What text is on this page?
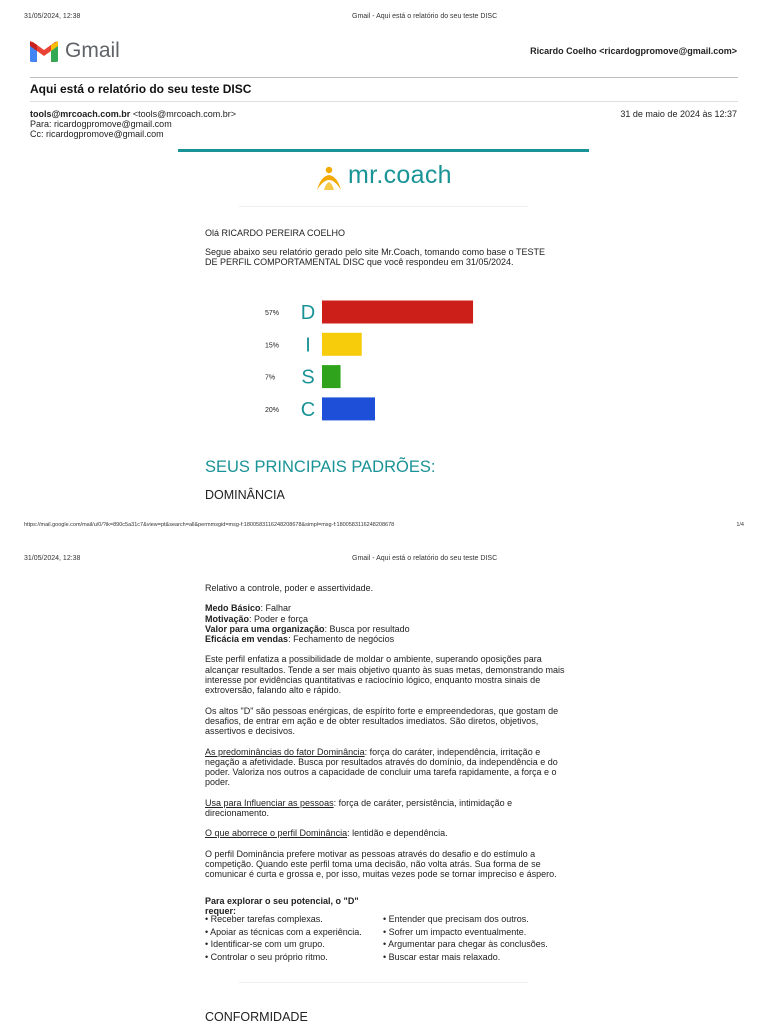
31/05/2024, 12:38	Gmail - Aqui está o relatório do seu teste DISC
Gmail	Ricardo Coelho <ricardogpromove@gmail.com>
Aqui está o relatório do seu teste DISC
tools@mrcoach.com.br <tools@mrcoach.com.br>
Para: ricardogpromove@gmail.com
Cc: ricardogpromove@gmail.com
31 de maio de 2024 às 12:37
mr.coach
Olá RICARDO PEREIRA COELHO
Segue abaixo seu relatório gerado pelo site Mr.Coach, tomando como base o TESTE DE PERFIL COMPORTAMENTAL DISC que você respondeu em 31/05/2024.
57% D
15% I
7% S
20% C
SEUS PRINCIPAIS PADRÕES:
DOMINÂNCIA
https://mail.google.com/mail/u/0/?ik=890c5a31c7&view=pt&search=all&permmsgid=msg-f:1800583116248208678&simpl=msg-f:1800583116248208678	1/4
31/05/2024, 12:38	Gmail - Aqui está o relatório do seu teste DISC
Relativo a controle, poder e assertividade.
Medo Básico: Falhar
Motivação: Poder e força
Valor para uma organização: Busca por resultado
Eficácia em vendas: Fechamento de negócios
Este perfil enfatiza a possibilidade de moldar o ambiente, superando oposições para alcançar resultados. Tende a ser mais objetivo quanto às suas metas, demonstrando mais interesse por evidências quantitativas e raciocínio lógico, enquanto mostra sinais de extroversão, falando alto e rápido.
Os altos "D" são pessoas enérgicas, de espírito forte e empreendedoras, que gostam de desafios, de entrar em ação e de obter resultados imediatos. São diretos, objetivos, assertivos e decisivos.
As predominâncias do fator Dominância: força do caráter, independência, irritação e negação a afetividade. Busca por resultados através do domínio, da independência e do poder. Valoriza nos outros a capacidade de concluir uma tarefa rapidamente, a força e o poder.
Usa para Influenciar as pessoas: força de caráter, persistência, intimidação e direcionamento.
O que aborrece o perfil Dominância: lentidão e dependência.
O perfil Dominância prefere motivar as pessoas através do desafio e do estímulo a competição. Quando este perfil toma uma decisão, não volta atrás. Sua forma de se comunicar é curta e grossa e, por isso, muitas vezes pode se tornar impreciso e áspero.
Para explorar o seu potencial, o "D" requer:
• Receber tarefas complexas.
• Apoiar as técnicas com a experiência.
• Identificar-se com um grupo.
• Controlar o seu próprio ritmo.
• Entender que precisam dos outros.
• Sofrer um impacto eventualmente.
• Argumentar para chegar às conclusões.
• Buscar estar mais relaxado.
CONFORMIDADE
